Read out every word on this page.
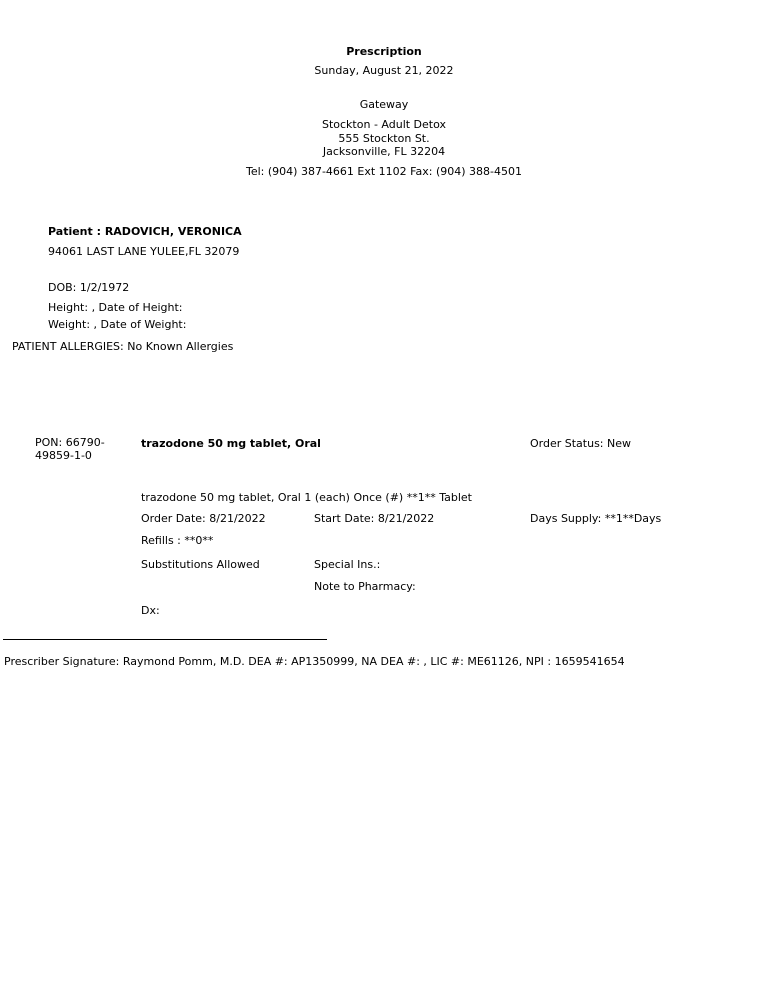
Prescription
Sunday, August 21, 2022
Gateway
Stockton - Adult Detox
555 Stockton St.
Jacksonville, FL 32204
Tel: (904) 387-4661 Ext 1102 Fax: (904) 388-4501
Patient : RADOVICH, VERONICA
94061 LAST LANE YULEE,FL 32079
DOB: 1/2/1972
Height: , Date of Height:
Weight: , Date of Weight:
PATIENT ALLERGIES: No Known Allergies
PON: 66790-
49859-1-0
trazodone 50 mg tablet, Oral	Order Status: New
trazodone 50 mg tablet, Oral 1 (each) Once (#) **1** Tablet
Order Date: 8/21/2022	Start Date: 8/21/2022	Days Supply: **1**Days
Refills : **0**
Substitutions Allowed	Special Ins.:
Note to Pharmacy:
Dx:
Prescriber Signature: Raymond Pomm, M.D. DEA #: AP1350999, NA DEA #: , LIC #: ME61126, NPI : 1659541654
